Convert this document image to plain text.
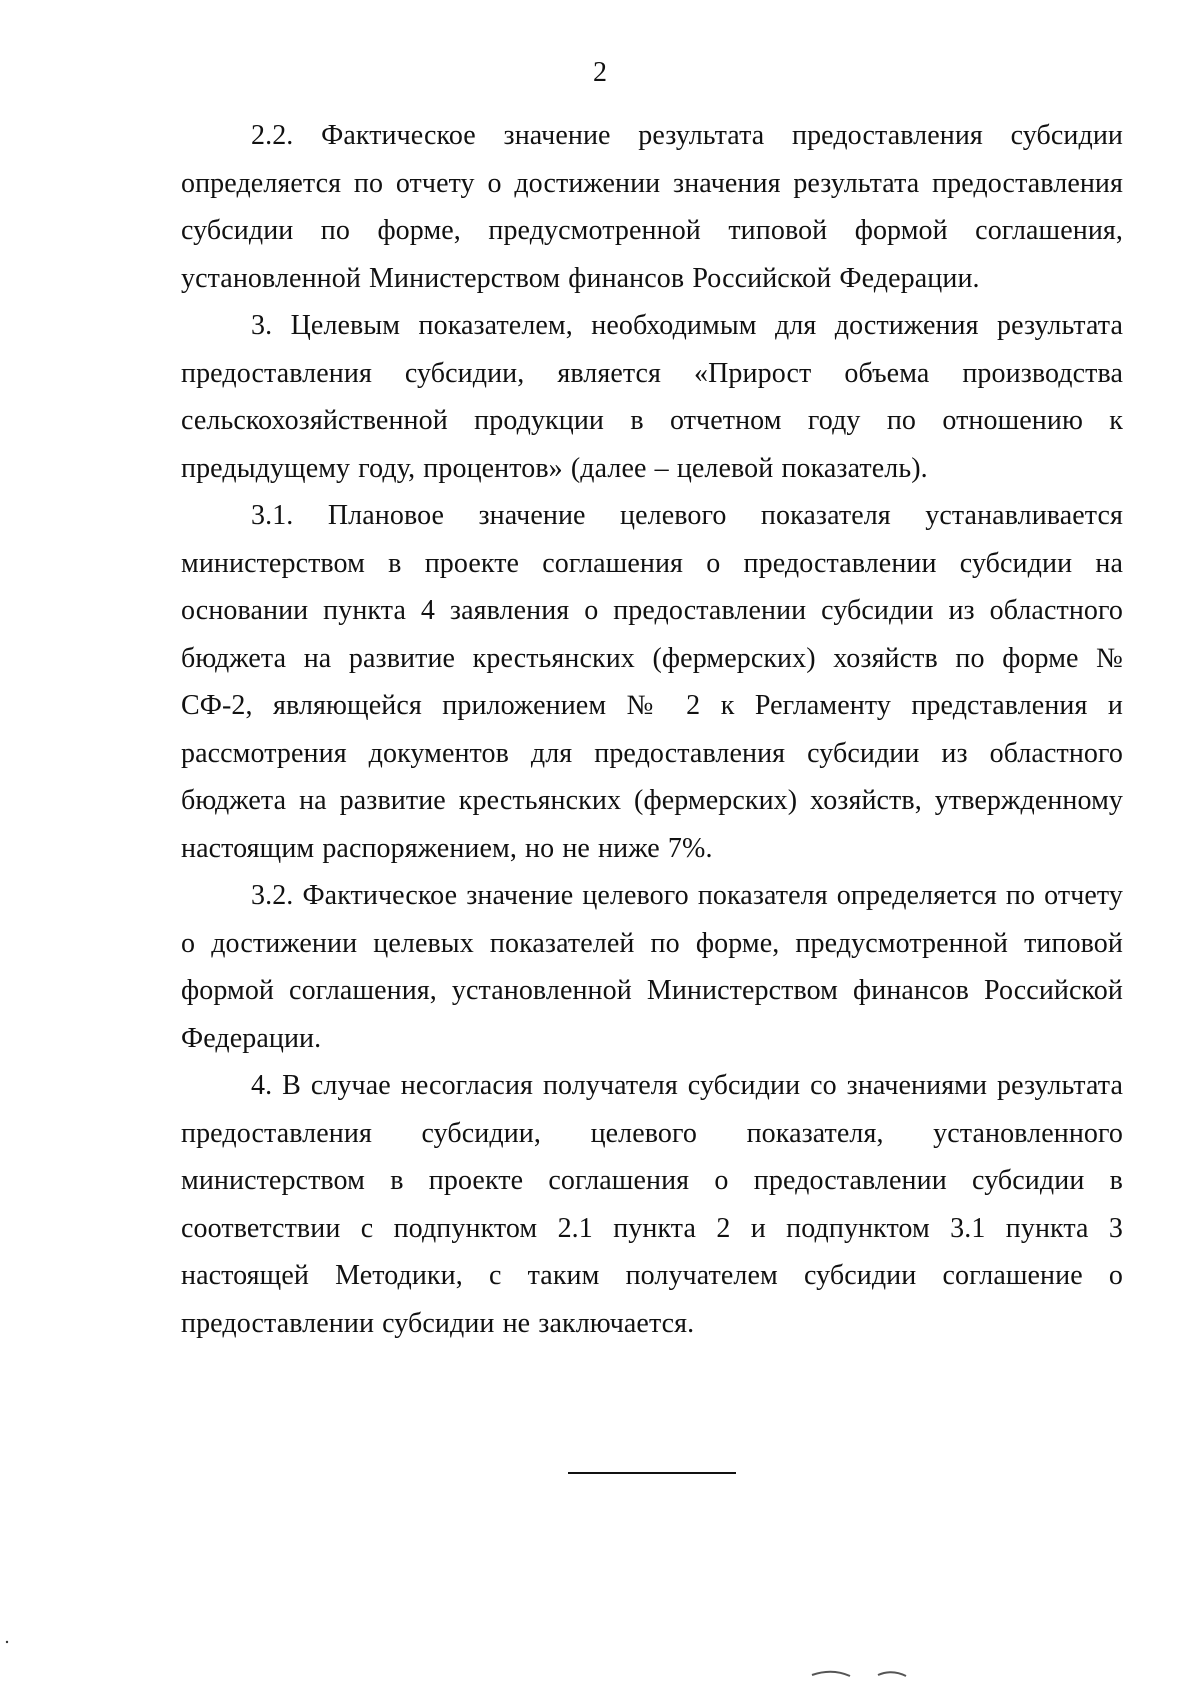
2

2.2. Фактическое значение результата предоставления субсидии определяется по отчету о достижении значения результата предоставления субсидии по форме, предусмотренной типовой формой соглашения, установленной Министерством финансов Российской Федерации.

3. Целевым показателем, необходимым для достижения результата предоставления субсидии, является «Прирост объема производства сельскохозяйственной продукции в отчетном году по отношению к предыдущему году, процентов» (далее – целевой показатель).

3.1. Плановое значение целевого показателя устанавливается министерством в проекте соглашения о предоставлении субсидии на основании пункта 4 заявления о предоставлении субсидии из областного бюджета на развитие крестьянских (фермерских) хозяйств по форме № СФ-2, являющейся приложением № 2 к Регламенту представления и рассмотрения документов для предоставления субсидии из областного бюджета на развитие крестьянских (фермерских) хозяйств, утвержденному настоящим распоряжением, но не ниже 7%.

3.2. Фактическое значение целевого показателя определяется по отчету о достижении целевых показателей по форме, предусмотренной типовой формой соглашения, установленной Министерством финансов Российской Федерации.

4. В случае несогласия получателя субсидии со значениями результата предоставления субсидии, целевого показателя, установленного министерством в проекте соглашения о предоставлении субсидии в соответствии с подпунктом 2.1 пункта 2 и подпунктом 3.1 пункта 3 настоящей Методики, с таким получателем субсидии соглашение о предоставлении субсидии не заключается.
